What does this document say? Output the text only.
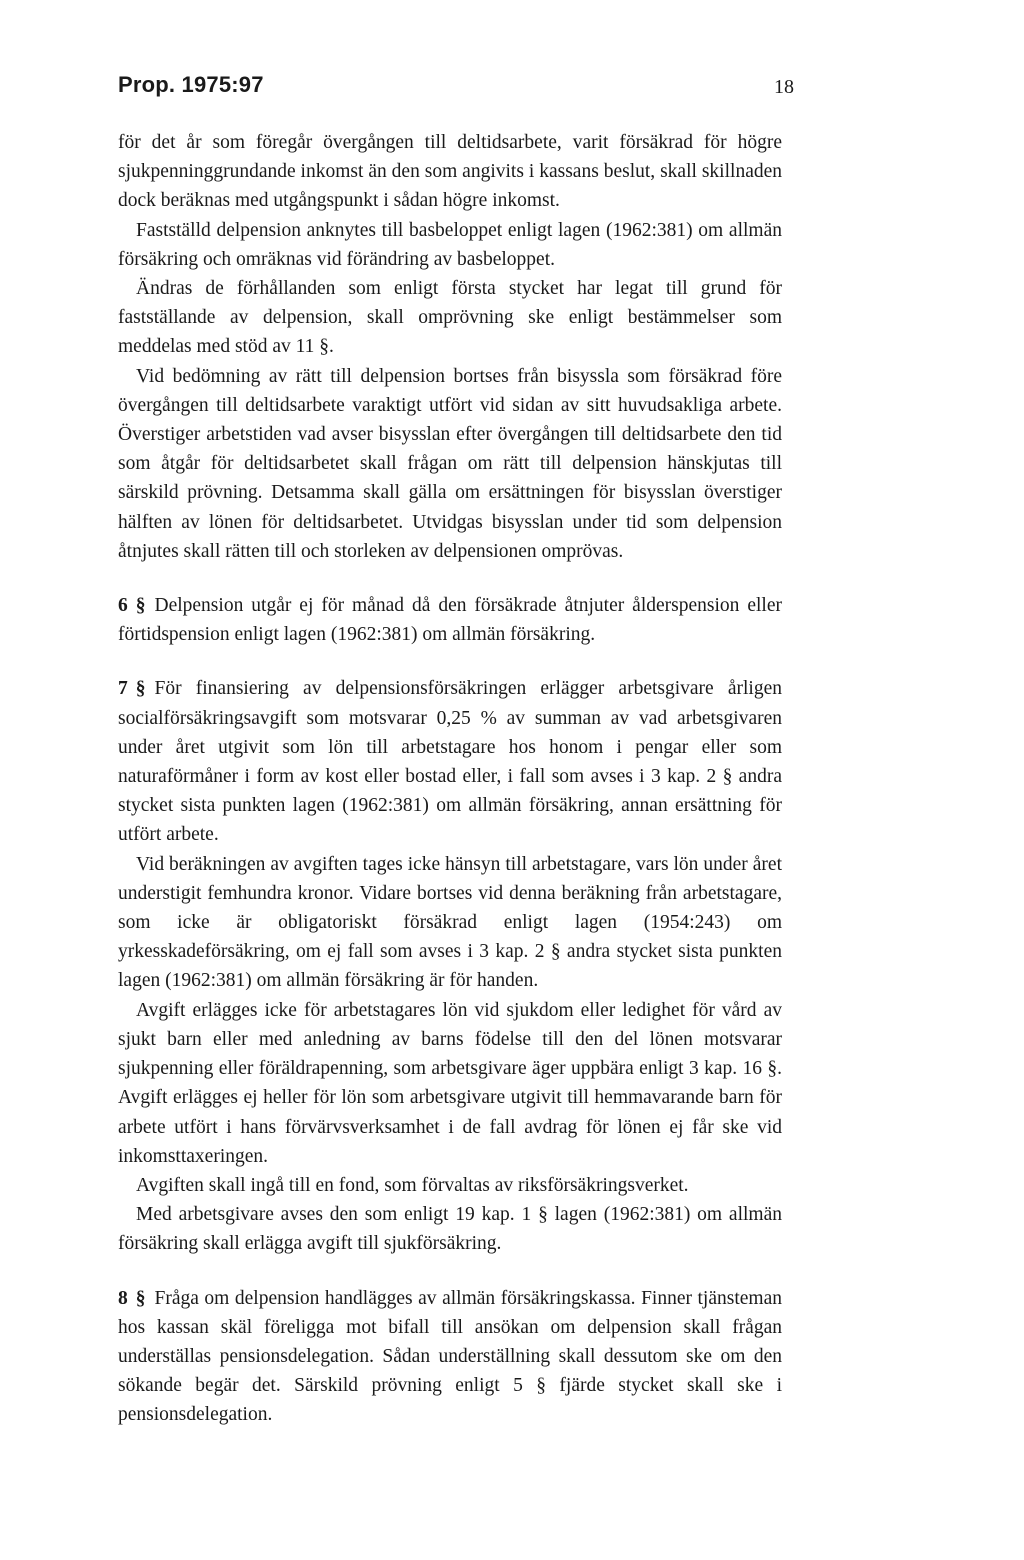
Prop. 1975:97	18

för det år som föregår övergången till deltidsarbete, varit försäkrad för högre sjukpenninggrundande inkomst än den som angivits i kassans beslut, skall skillnaden dock beräknas med utgångspunkt i sådan högre inkomst.

Fastställd delpension anknytes till basbeloppet enligt lagen (1962:381) om allmän försäkring och omräknas vid förändring av basbeloppet.

Ändras de förhållanden som enligt första stycket har legat till grund för fastställande av delpension, skall omprövning ske enligt bestämmelser som meddelas med stöd av 11 §.

Vid bedömning av rätt till delpension bortses från bisyssla som försäkrad före övergången till deltidsarbete varaktigt utfört vid sidan av sitt huvudsakliga arbete. Överstiger arbetstiden vad avser bisysslan efter övergången till deltidsarbete den tid som åtgår för deltidsarbetet skall frågan om rätt till delpension hänskjutas till särskild prövning. Detsamma skall gälla om ersättningen för bisysslan överstiger hälften av lönen för deltidsarbetet. Utvidgas bisysslan under tid som delpension åtnjutes skall rätten till och storleken av delpensionen omprövas.

6 § Delpension utgår ej för månad då den försäkrade åtnjuter ålderspension eller förtidspension enligt lagen (1962:381) om allmän försäkring.

7 § För finansiering av delpensionsförsäkringen erlägger arbetsgivare årligen socialförsäkringsavgift som motsvarar 0,25 % av summan av vad arbetsgivaren under året utgivit som lön till arbetstagare hos honom i pengar eller som naturaförmåner i form av kost eller bostad eller, i fall som avses i 3 kap. 2 § andra stycket sista punkten lagen (1962:381) om allmän försäkring, annan ersättning för utfört arbete.

Vid beräkningen av avgiften tages icke hänsyn till arbetstagare, vars lön under året understigit femhundra kronor. Vidare bortses vid denna beräkning från arbetstagare, som icke är obligatoriskt försäkrad enligt lagen (1954:243) om yrkesskadeförsäkring, om ej fall som avses i 3 kap. 2 § andra stycket sista punkten lagen (1962:381) om allmän försäkring är för handen.

Avgift erlägges icke för arbetstagares lön vid sjukdom eller ledighet för vård av sjukt barn eller med anledning av barns födelse till den del lönen motsvarar sjukpenning eller föräldrapenning, som arbetsgivare äger uppbära enligt 3 kap. 16 §. Avgift erlägges ej heller för lön som arbetsgivare utgivit till hemmavarande barn för arbete utfört i hans förvärvsverksamhet i de fall avdrag för lönen ej får ske vid inkomsttaxeringen.

Avgiften skall ingå till en fond, som förvaltas av riksförsäkringsverket.

Med arbetsgivare avses den som enligt 19 kap. 1 § lagen (1962:381) om allmän försäkring skall erlägga avgift till sjukförsäkring.

8 § Fråga om delpension handlägges av allmän försäkringskassa. Finner tjänsteman hos kassan skäl föreligga mot bifall till ansökan om delpension skall frågan underställas pensionsdelegation. Sådan underställning skall dessutom ske om den sökande begär det. Särskild prövning enligt 5 § fjärde stycket skall ske i pensionsdelegation.
